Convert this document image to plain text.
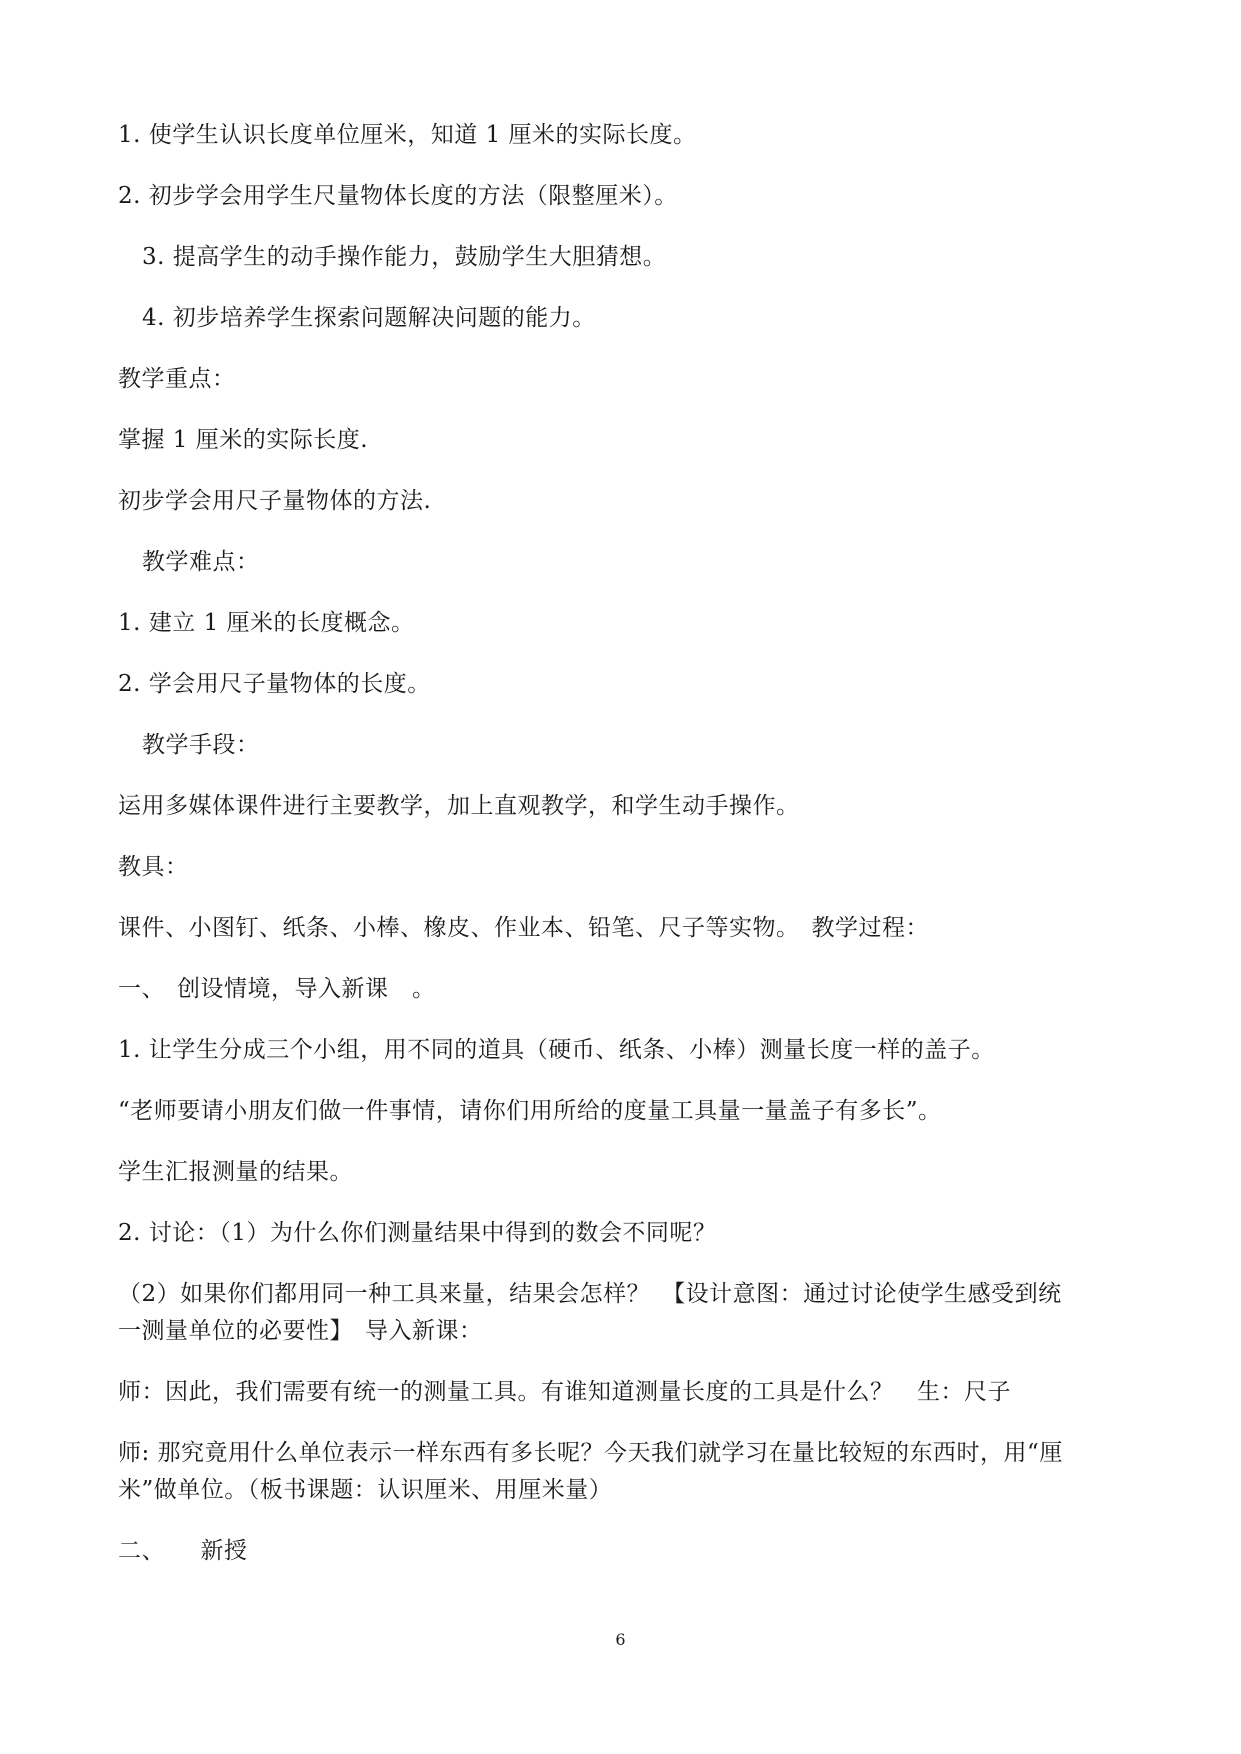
1. 使学生认识长度单位厘米，知道 1 厘米的实际长度。
2. 初步学会用学生尺量物体长度的方法（限整厘米）。
3. 提高学生的动手操作能力，鼓励学生大胆猜想。
4. 初步培养学生探索问题解决问题的能力。
教学重点：
掌握 1 厘米的实际长度.
初步学会用尺子量物体的方法.
教学难点：
1. 建立 1 厘米的长度概念。
2. 学会用尺子量物体的长度。
教学手段：
运用多媒体课件进行主要教学，加上直观教学，和学生动手操作。
教具：
课件、小图钉、纸条、小棒、橡皮、作业本、铅笔、尺子等实物。　教学过程：
一、　创设情境，导入新课　。
1. 让学生分成三个小组，用不同的道具（硬币、纸条、小棒）测量长度一样的盖子。
“老师要请小朋友们做一件事情，请你们用所给的度量工具量一量盖子有多长”。
学生汇报测量的结果。
2. 讨论：（1）为什么你们测量结果中得到的数会不同呢？
（2）如果你们都用同一种工具来量，结果会怎样？　【设计意图：通过讨论使学生感受到统
一测量单位的必要性】　导入新课：
师：因此，我们需要有统一的测量工具。有谁知道测量长度的工具是什么？　生：尺子
师: 那究竟用什么单位表示一样东西有多长呢？今天我们就学习在量比较短的东西时，用“厘
米”做单位。（板书课题：认识厘米、用厘米量）
二、　　新授
6
